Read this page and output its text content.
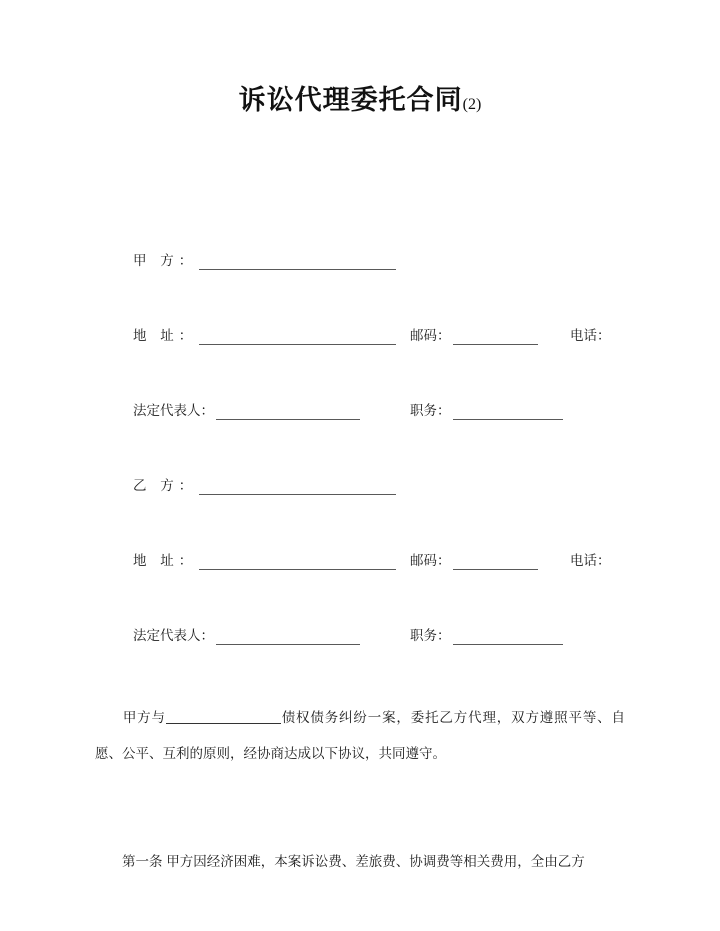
诉讼代理委托合同(2)
甲 方：
地 址：	邮码：	电话：
法定代表人：	职务：
乙 方：
地 址：	邮码：	电话：
法定代表人：	职务：

甲方与	债权债务纠纷一案，委托乙方代理，双方遵照平等、自愿、公平、互利的原则，经协商达成以下协议，共同遵守。

第一条 甲方因经济困难，本案诉讼费、差旅费、协调费等相关费用，全由乙方
